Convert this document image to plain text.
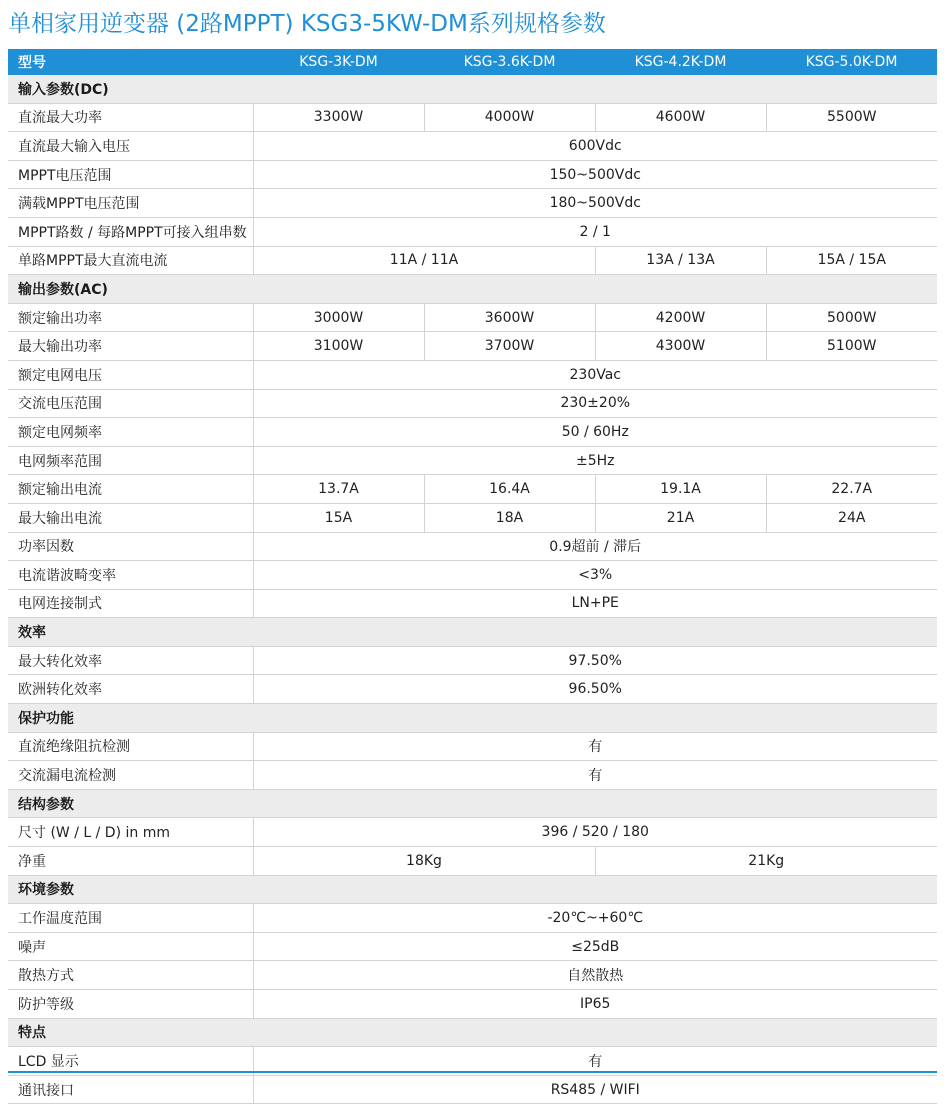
单相家用逆变器 (2路MPPT) KSG3-5KW-DM系列规格参数
型号	KSG-3K-DM	KSG-3.6K-DM	KSG-4.2K-DM	KSG-5.0K-DM
输入参数(DC)				
直流最大功率	3300W	4000W	4600W	5500W
直流最大输入电压	600Vdc			
MPPT电压范围	150~500Vdc			
满载MPPT电压范围	180~500Vdc			
MPPT路数 / 每路MPPT可接入组串数	2 / 1			
单路MPPT最大直流电流	11A / 11A		13A / 13A	15A / 15A
输出参数(AC)				
额定输出功率	3000W	3600W	4200W	5000W
最大输出功率	3100W	3700W	4300W	5100W
额定电网电压	230Vac			
交流电压范围	230±20%			
额定电网频率	50 / 60Hz			
电网频率范围	±5Hz			
额定输出电流	13.7A	16.4A	19.1A	22.7A
最大输出电流	15A	18A	21A	24A
功率因数	0.9超前 / 滞后			
电流谐波畸变率	<3%			
电网连接制式	LN+PE			
效率				
最大转化效率	97.50%			
欧洲转化效率	96.50%			
保护功能				
直流绝缘阻抗检测	有			
交流漏电流检测	有			
结构参数				
尺寸 (W / L / D) in mm	396 / 520 / 180			
净重	18Kg		21Kg	
环境参数				
工作温度范围	-20℃~+60℃			
噪声	≤25dB			
散热方式	自然散热			
防护等级	IP65			
特点				
LCD 显示	有			
通讯接口	RS485 / WIFI			
